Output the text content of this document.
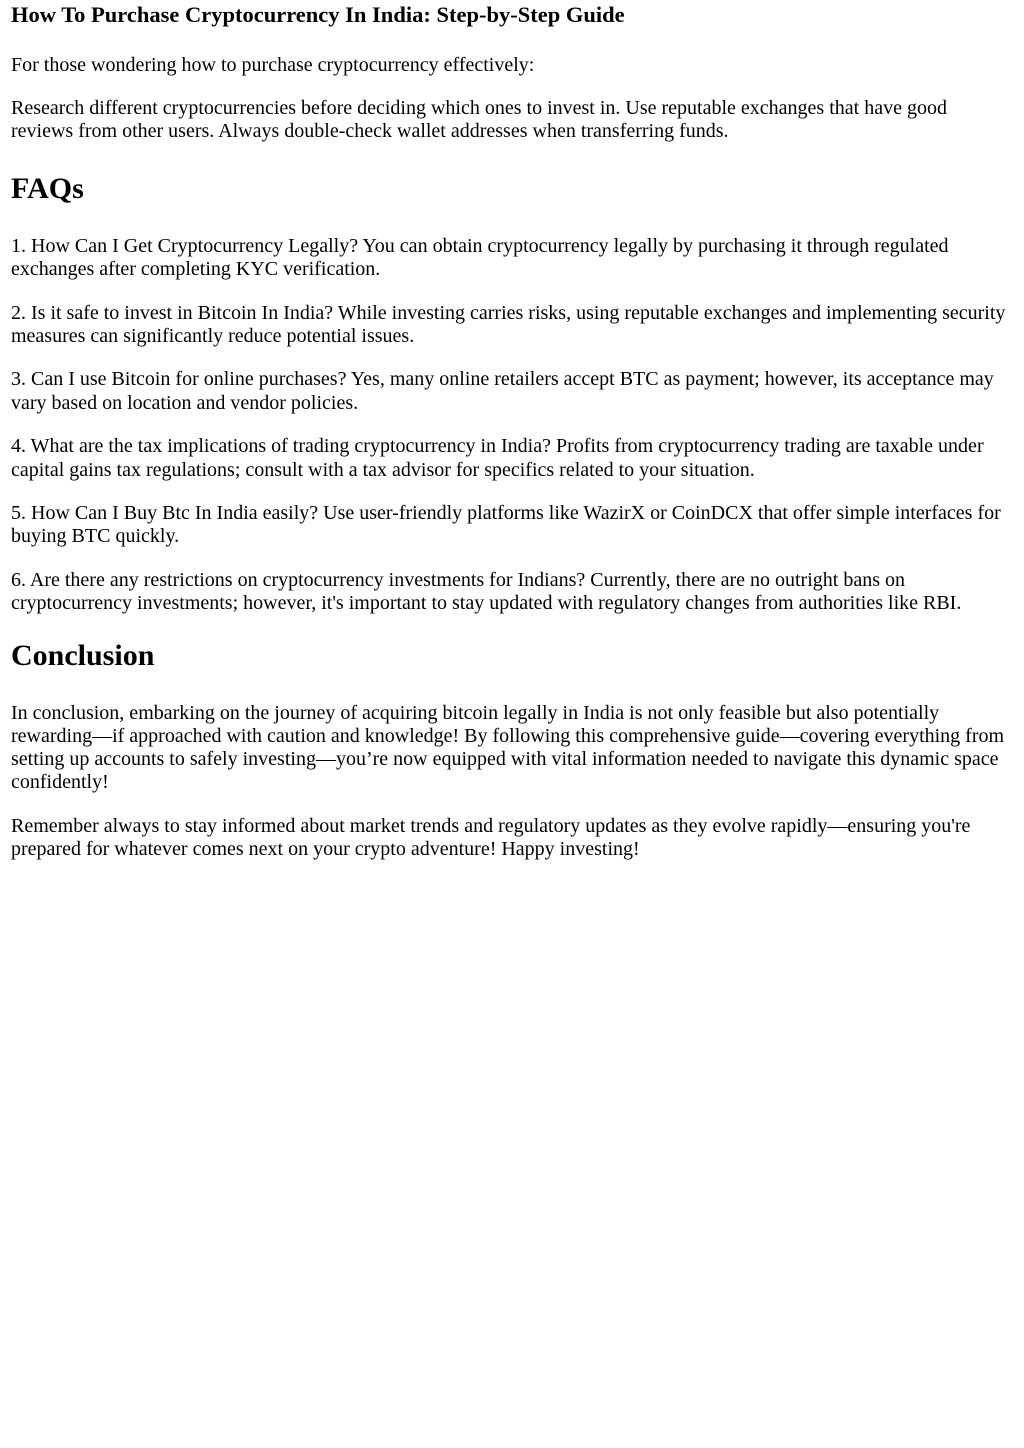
How To Purchase Cryptocurrency In India: Step-by-Step Guide

For those wondering how to purchase cryptocurrency effectively:

Research different cryptocurrencies before deciding which ones to invest in. Use reputable exchanges that have good reviews from other users. Always double-check wallet addresses when transferring funds.

FAQs

1. How Can I Get Cryptocurrency Legally? You can obtain cryptocurrency legally by purchasing it through regulated exchanges after completing KYC verification.

2. Is it safe to invest in Bitcoin In India? While investing carries risks, using reputable exchanges and implementing security measures can significantly reduce potential issues.

3. Can I use Bitcoin for online purchases? Yes, many online retailers accept BTC as payment; however, its acceptance may vary based on location and vendor policies.

4. What are the tax implications of trading cryptocurrency in India? Profits from cryptocurrency trading are taxable under capital gains tax regulations; consult with a tax advisor for specifics related to your situation.

5. How Can I Buy Btc In India easily? Use user-friendly platforms like WazirX or CoinDCX that offer simple interfaces for buying BTC quickly.

6. Are there any restrictions on cryptocurrency investments for Indians? Currently, there are no outright bans on cryptocurrency investments; however, it's important to stay updated with regulatory changes from authorities like RBI.

Conclusion

In conclusion, embarking on the journey of acquiring bitcoin legally in India is not only feasible but also potentially rewarding—if approached with caution and knowledge! By following this comprehensive guide—covering everything from setting up accounts to safely investing—you’re now equipped with vital information needed to navigate this dynamic space confidently!

Remember always to stay informed about market trends and regulatory updates as they evolve rapidly—ensuring you're prepared for whatever comes next on your crypto adventure! Happy investing!
